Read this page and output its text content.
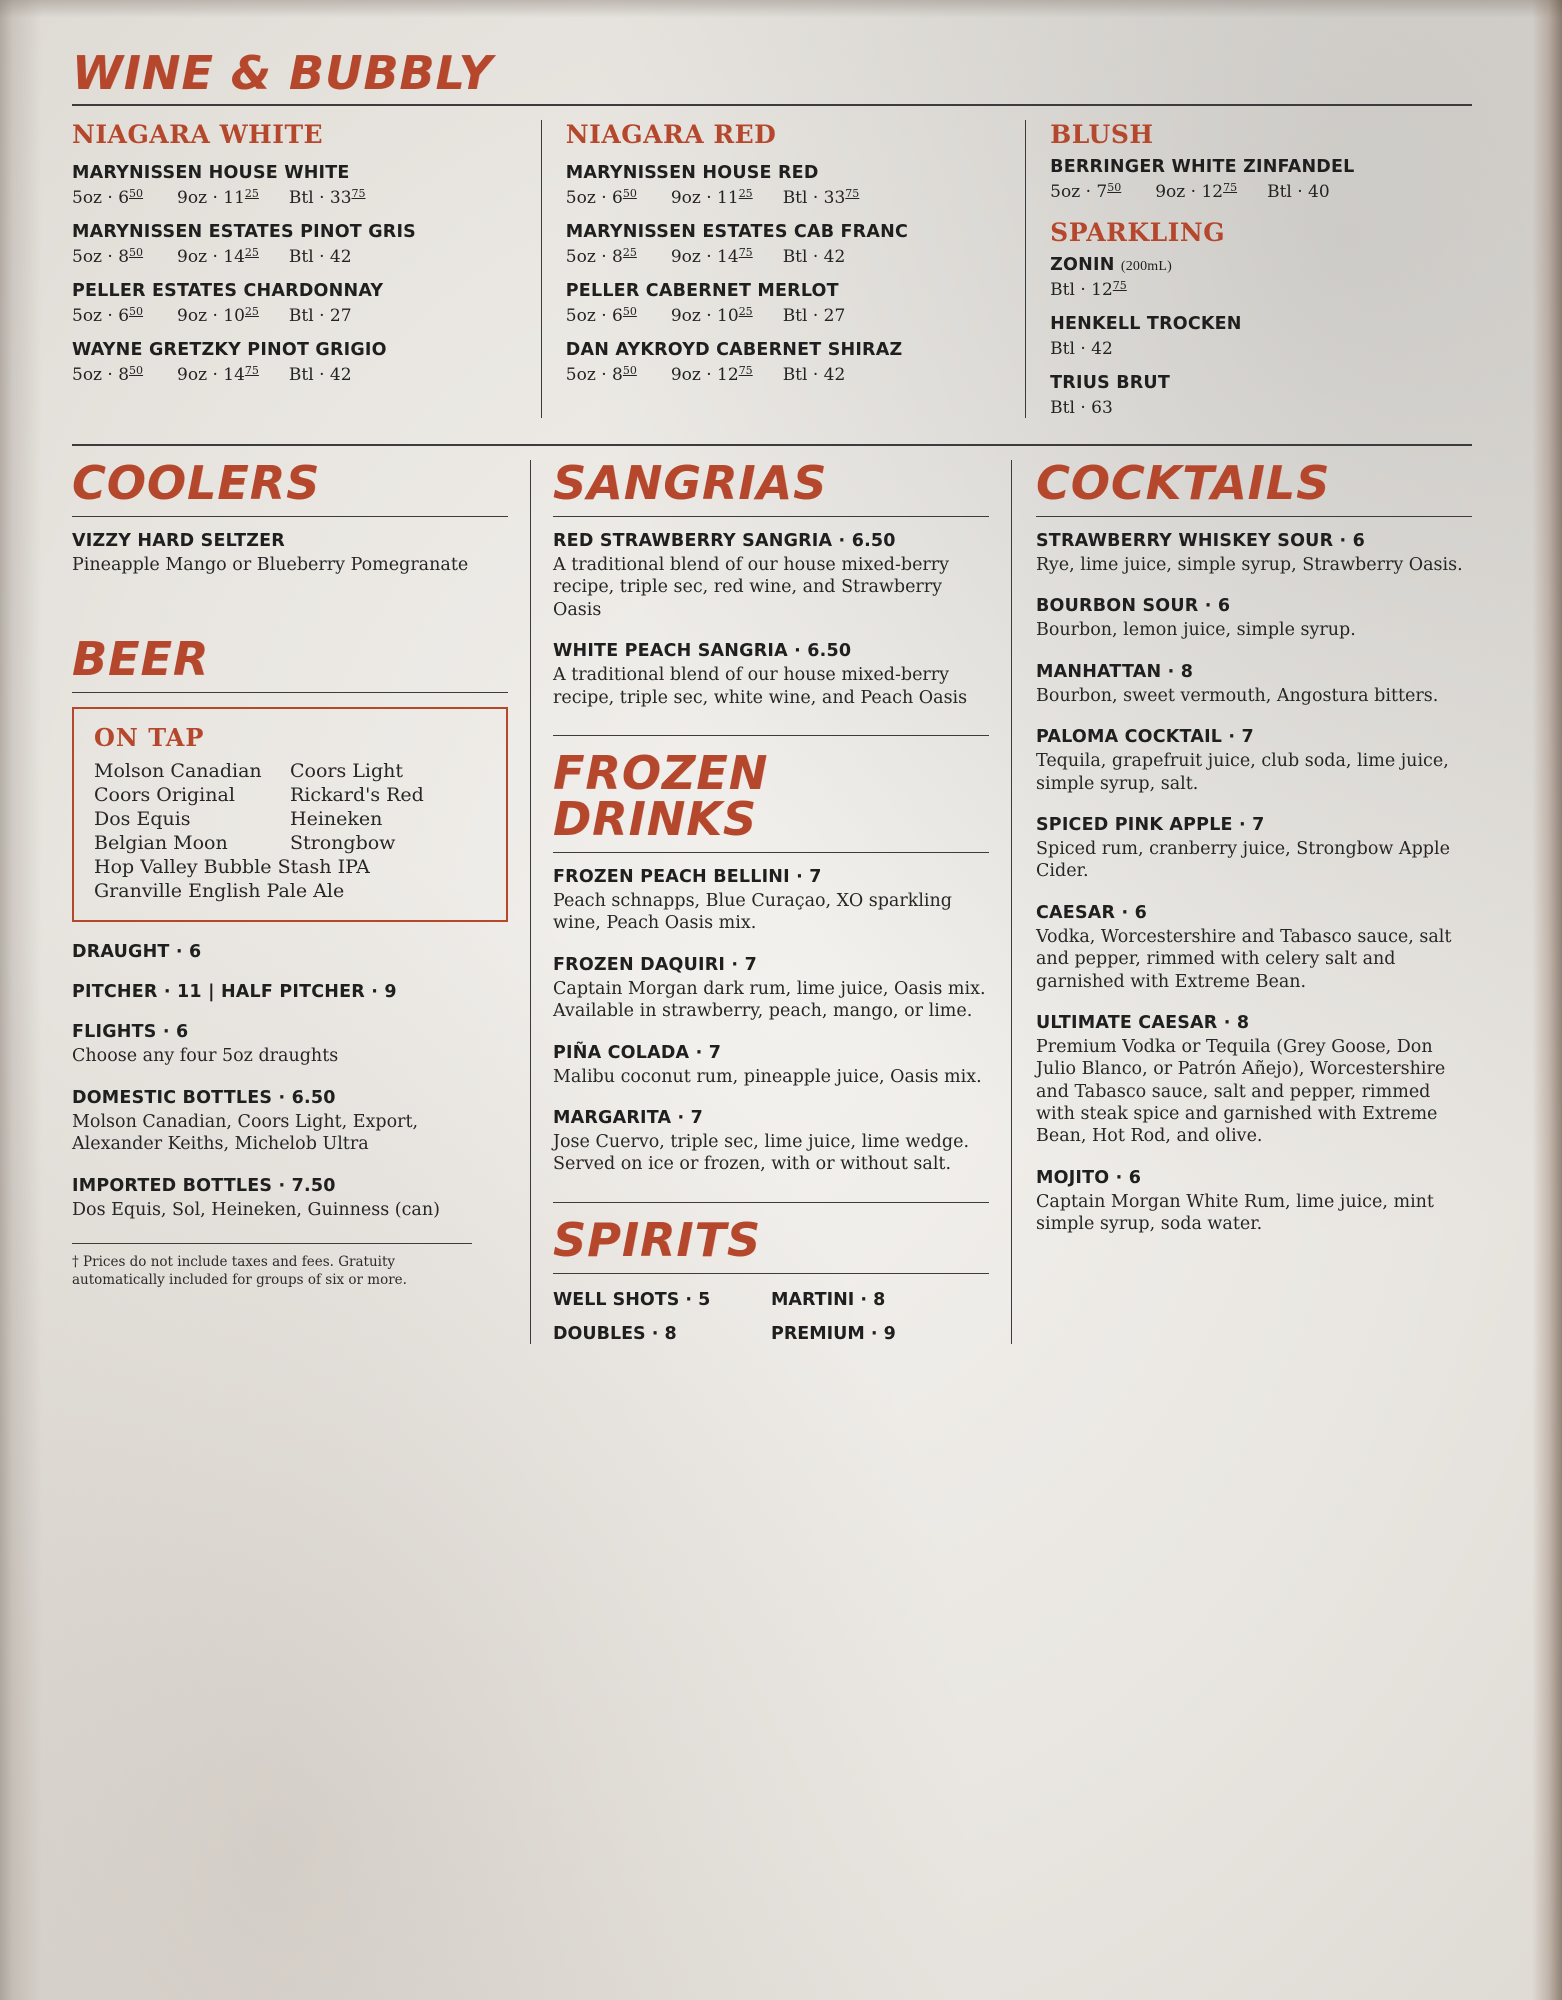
WINE & BUBBLY
NIAGARA WHITE
MARYNISSEN HOUSE WHITE
$5oz \cdot 6^{50}$ $9oz \cdot 11^{25}$ Btl · $33^{75}$
MARYNISSEN ESTATES PINOT GRIS
$5oz \cdot 8^{50}$ $9oz \cdot 14^{25}$ Btl · 42
PELLER ESTATES CHARDONNAY
$5oz \cdot 6^{50}$ $9oz \cdot 10^{25}$ Btl · 27
WAYNE GRETZKY PINOT GRIGIO
$5oz \cdot 8^{50}$ $9oz \cdot 14^{75}$ Btl · 42
NIAGARA RED
MARYNISSEN HOUSE RED
$5oz \cdot 6^{50}$ $9oz \cdot 11^{25}$ Btl · $33^{75}$
MARYNISSEN ESTATES CAB FRANC
$5oz \cdot 8^{25}$ $9oz \cdot 14^{75}$ Btl · 42
PELLER CABERNET MERLOT
$5oz \cdot 6^{50}$ $9oz \cdot 10^{25}$ Btl · 27
DAN AYKROYD CABERNET SHIRAZ
$5oz \cdot 8^{50}$ $9oz \cdot 12^{75}$ Btl · 42
BLUSH
BERRINGER WHITE ZINFANDEL
$5oz \cdot 7^{50}$ $9oz \cdot 12^{75}$ Btl · 40
SPARKLING
ZONIN (200mL)
Btl · $12^{75}$
HENKELL TROCKEN
Btl · 42
TRIUS BRUT
Btl · 63
COOLERS
VIZZY HARD SELTZER
Pineapple Mango or Blueberry Pomegranate
BEER
ON TAP
Molson Canadian	Coors Light
Coors Original	Rickard's Red
Dos Equis	Heineken
Belgian Moon	Strongbow
Hop Valley Bubble Stash IPA
Granville English Pale Ale
DRAUGHT · 6
PITCHER · 11 | HALF PITCHER · 9
FLIGHTS · 6
Choose any four 5oz draughts
DOMESTIC BOTTLES · 6.50
Molson Canadian, Coors Light, Export, Alexander Keiths, Michelob Ultra
IMPORTED BOTTLES · 7.50
Dos Equis, Sol, Heineken, Guinness (can)
† Prices do not include taxes and fees. Gratuity automatically included for groups of six or more.
SANGRIAS
RED STRAWBERRY SANGRIA · 6.50
A traditional blend of our house mixed-berry recipe, triple sec, red wine, and Strawberry Oasis
WHITE PEACH SANGRIA · 6.50
A traditional blend of our house mixed-berry recipe, triple sec, white wine, and Peach Oasis
FROZEN DRINKS
FROZEN PEACH BELLINI · 7
Peach schnapps, Blue Curaçao, XO sparkling wine, Peach Oasis mix.
FROZEN DAQUIRI · 7
Captain Morgan dark rum, lime juice, Oasis mix. Available in strawberry, peach, mango, or lime.
PIÑA COLADA · 7
Malibu coconut rum, pineapple juice, Oasis mix.
MARGARITA · 7
Jose Cuervo, triple sec, lime juice, lime wedge. Served on ice or frozen, with or without salt.
SPIRITS
WELL SHOTS · 5	MARTINI · 8
DOUBLES · 8	PREMIUM · 9
COCKTAILS
STRAWBERRY WHISKEY SOUR · 6
Rye, lime juice, simple syrup, Strawberry Oasis.
BOURBON SOUR · 6
Bourbon, lemon juice, simple syrup.
MANHATTAN · 8
Bourbon, sweet vermouth, Angostura bitters.
PALOMA COCKTAIL · 7
Tequila, grapefruit juice, club soda, lime juice, simple syrup, salt.
SPICED PINK APPLE · 7
Spiced rum, cranberry juice, Strongbow Apple Cider.
CAESAR · 6
Vodka, Worcestershire and Tabasco sauce, salt and pepper, rimmed with celery salt and garnished with Extreme Bean.
ULTIMATE CAESAR · 8
Premium Vodka or Tequila (Grey Goose, Don Julio Blanco, or Patrón Añejo), Worcestershire and Tabasco sauce, salt and pepper, rimmed with steak spice and garnished with Extreme Bean, Hot Rod, and olive.
MOJITO · 6
Captain Morgan White Rum, lime juice, mint simple syrup, soda water.
